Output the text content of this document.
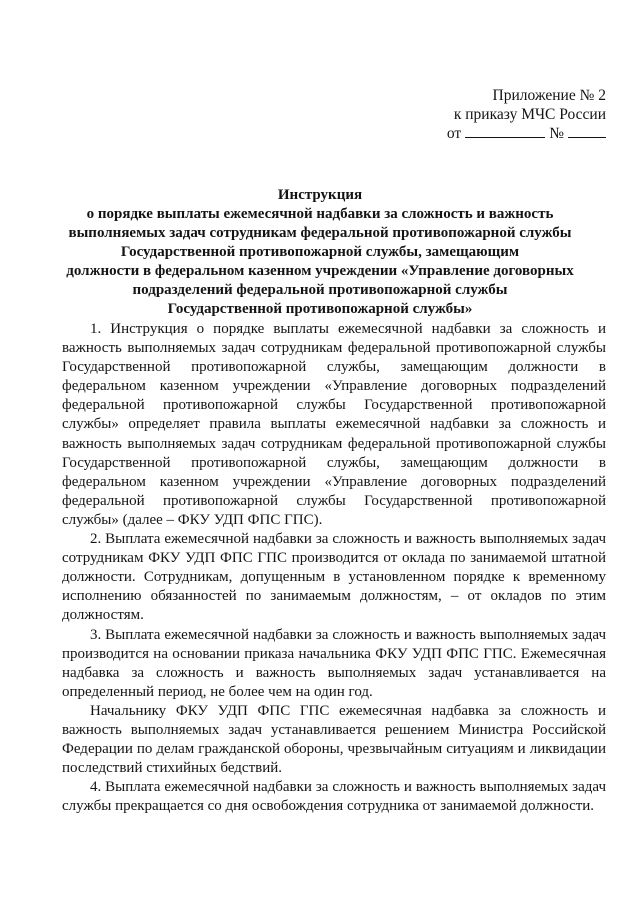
Приложение № 2
к приказу МЧС России
от	№
Инструкция
о порядке выплаты ежемесячной надбавки за сложность и важность
выполняемых задач сотрудникам федеральной противопожарной службы
Государственной противопожарной службы, замещающим
должности в федеральном казенном учреждении «Управление договорных
подразделений федеральной противопожарной службы
Государственной противопожарной службы»

1. Инструкция о порядке выплаты ежемесячной надбавки за сложность и важность выполняемых задач сотрудникам федеральной противопожарной службы Государственной противопожарной службы, замещающим должности в федеральном казенном учреждении «Управление договорных подразделений федеральной противопожарной службы Государственной противопожарной службы» определяет правила выплаты ежемесячной надбавки за сложность и важность выполняемых задач сотрудникам федеральной противопожарной службы Государственной противопожарной службы, замещающим должности в федеральном казенном учреждении «Управление договорных подразделений федеральной противопожарной службы Государственной противопожарной службы» (далее – ФКУ УДП ФПС ГПС).

2. Выплата ежемесячной надбавки за сложность и важность выполняемых задач сотрудникам ФКУ УДП ФПС ГПС производится от оклада по занимаемой штатной должности. Сотрудникам, допущенным в установленном порядке к временному исполнению обязанностей по занимаемым должностям, – от окладов по этим должностям.

3. Выплата ежемесячной надбавки за сложность и важность выполняемых задач производится на основании приказа начальника ФКУ УДП ФПС ГПС. Ежемесячная надбавка за сложность и важность выполняемых задач устанавливается на определенный период, не более чем на один год.

Начальнику ФКУ УДП ФПС ГПС ежемесячная надбавка за сложность и важность выполняемых задач устанавливается решением Министра Российской Федерации по делам гражданской обороны, чрезвычайным ситуациям и ликвидации последствий стихийных бедствий.

4. Выплата ежемесячной надбавки за сложность и важность выполняемых задач службы прекращается со дня освобождения сотрудника от занимаемой должности.
